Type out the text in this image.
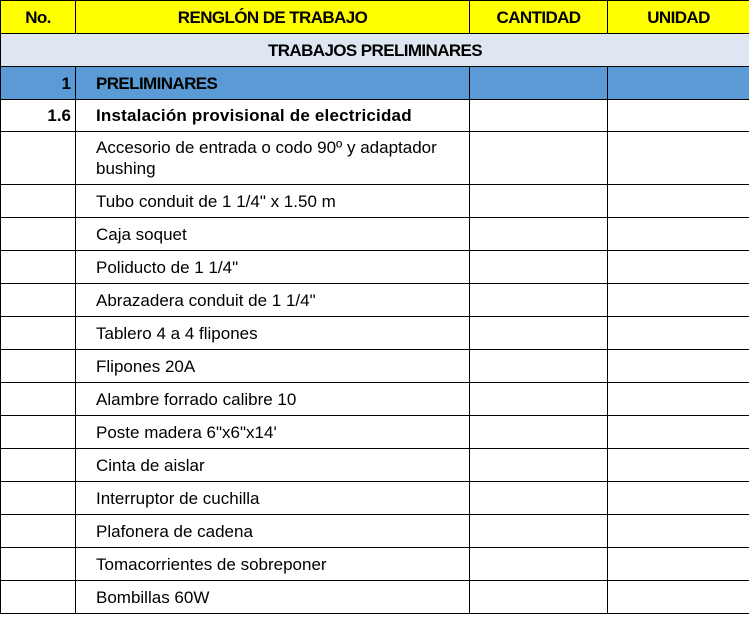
No.	RENGLÓN DE TRABAJO	CANTIDAD	UNIDAD
TRABAJOS PRELIMINARES			
1	PRELIMINARES		
1.6	Instalación provisional de electricidad		
	Accesorio de entrada o codo 90º y adaptador bushing		
	Tubo conduit de 1 1/4" x 1.50 m		
	Caja soquet		
	Poliducto de 1 1/4"		
	Abrazadera conduit de 1 1/4"		
	Tablero 4 a 4 flipones		
	Flipones 20A		
	Alambre forrado calibre 10		
	Poste madera 6"x6"x14'		
	Cinta de aislar		
	Interruptor de cuchilla		
	Plafonera de cadena		
	Tomacorrientes de sobreponer		
	Bombillas 60W		
